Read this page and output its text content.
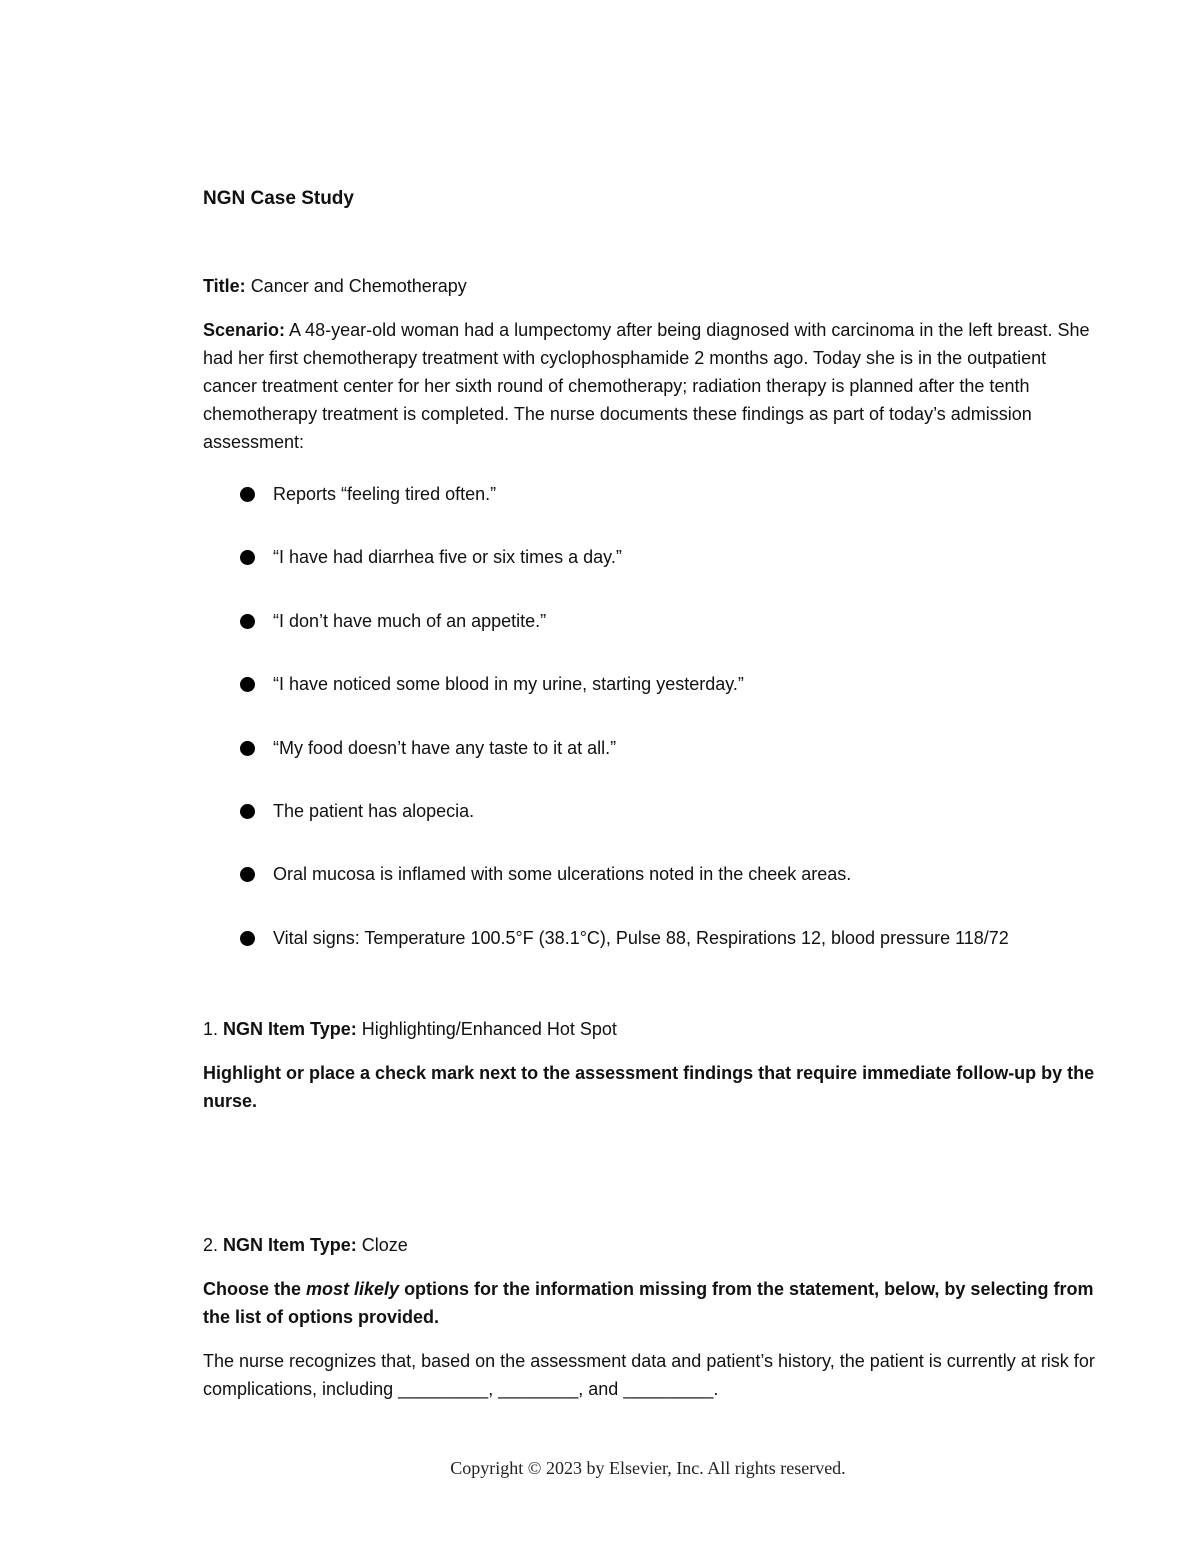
NGN Case Study

Title: Cancer and Chemotherapy

Scenario: A 48-year-old woman had a lumpectomy after being diagnosed with carcinoma in the left breast. She had her first chemotherapy treatment with cyclophosphamide 2 months ago. Today she is in the outpatient cancer treatment center for her sixth round of chemotherapy; radiation therapy is planned after the tenth chemotherapy treatment is completed. The nurse documents these findings as part of today’s admission assessment:

Reports “feeling tired often.”
“I have had diarrhea five or six times a day.”
“I don’t have much of an appetite.”
“I have noticed some blood in my urine, starting yesterday.”
“My food doesn’t have any taste to it at all.”
The patient has alopecia.
Oral mucosa is inflamed with some ulcerations noted in the cheek areas.
Vital signs: Temperature 100.5°F (38.1°C), Pulse 88, Respirations 12, blood pressure 118/72

1. NGN Item Type: Highlighting/Enhanced Hot Spot

Highlight or place a check mark next to the assessment findings that require immediate follow-up by the nurse.

2. NGN Item Type: Cloze

Choose the most likely options for the information missing from the statement, below, by selecting from the list of options provided.

The nurse recognizes that, based on the assessment data and patient’s history, the patient is currently at risk for complications, including _________, ________, and _________.

Copyright © 2023 by Elsevier, Inc. All rights reserved.
